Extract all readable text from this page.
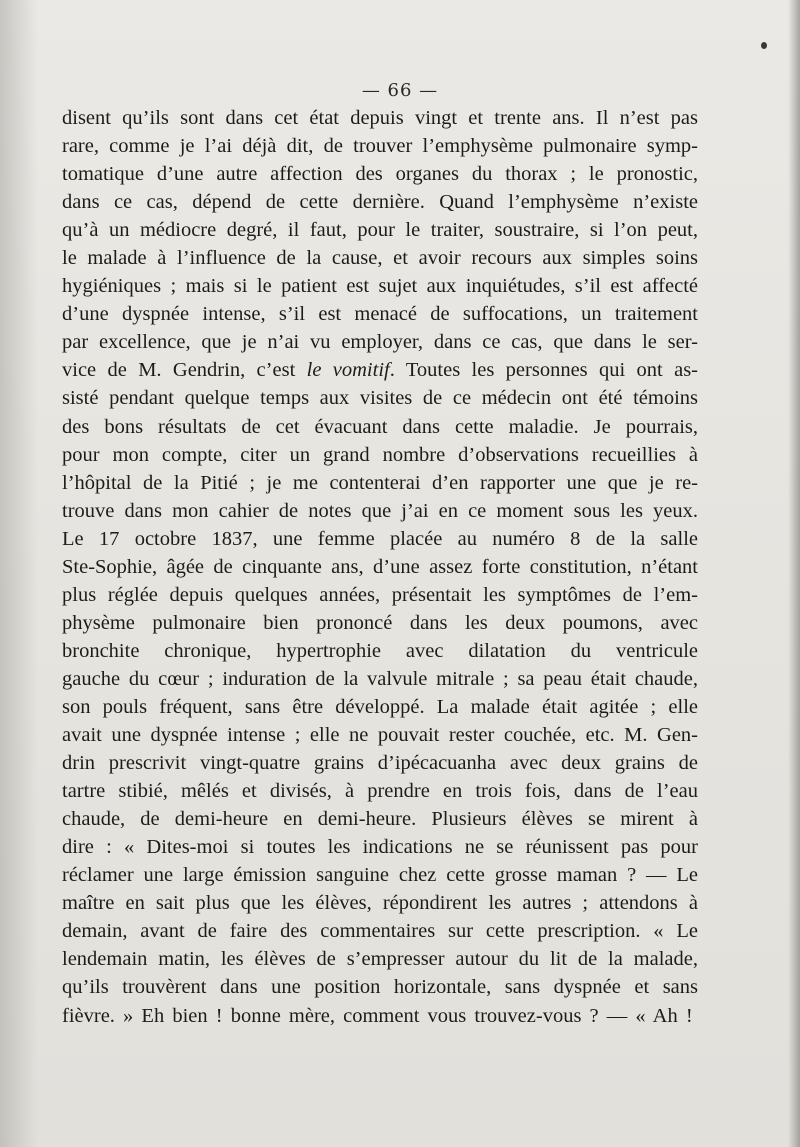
— 66 —
disent qu’ils sont dans cet état depuis vingt et trente ans. Il n’est pas
rare, comme je l’ai déjà dit, de trouver l’emphysème pulmonaire symp-
tomatique d’une autre affection des organes du thorax ; le pronostic,
dans ce cas, dépend de cette dernière. Quand l’emphysème n’existe
qu’à un médiocre degré, il faut, pour le traiter, soustraire, si l’on peut,
le malade à l’influence de la cause, et avoir recours aux simples soins
hygiéniques ; mais si le patient est sujet aux inquiétudes, s’il est affecté
d’une dyspnée intense, s’il est menacé de suffocations, un traitement
par excellence, que je n’ai vu employer, dans ce cas, que dans le ser-
vice de M. Gendrin, c’est le vomitif. Toutes les personnes qui ont as-
sisté pendant quelque temps aux visites de ce médecin ont été témoins
des bons résultats de cet évacuant dans cette maladie. Je pourrais,
pour mon compte, citer un grand nombre d’observations recueillies à
l’hôpital de la Pitié ; je me contenterai d’en rapporter une que je re-
trouve dans mon cahier de notes que j’ai en ce moment sous les yeux.
Le 17 octobre 1837, une femme placée au numéro 8 de la salle
Ste-Sophie, âgée de cinquante ans, d’une assez forte constitution, n’étant
plus réglée depuis quelques années, présentait les symptômes de l’em-
physème pulmonaire bien prononcé dans les deux poumons, avec
bronchite chronique, hypertrophie avec dilatation du ventricule
gauche du cœur ; induration de la valvule mitrale ; sa peau était chaude,
son pouls fréquent, sans être développé. La malade était agitée ; elle
avait une dyspnée intense ; elle ne pouvait rester couchée, etc. M. Gen-
drin prescrivit vingt-quatre grains d’ipécacuanha avec deux grains de
tartre stibié, mêlés et divisés, à prendre en trois fois, dans de l’eau
chaude, de demi-heure en demi-heure. Plusieurs élèves se mirent à
dire : « Dites-moi si toutes les indications ne se réunissent pas pour
réclamer une large émission sanguine chez cette grosse maman ? — Le
maître en sait plus que les élèves, répondirent les autres ; attendons à
demain, avant de faire des commentaires sur cette prescription. « Le
lendemain matin, les élèves de s’empresser autour du lit de la malade,
qu’ils trouvèrent dans une position horizontale, sans dyspnée et sans
fièvre. » Eh bien ! bonne mère, comment vous trouvez-vous ? — « Ah !
